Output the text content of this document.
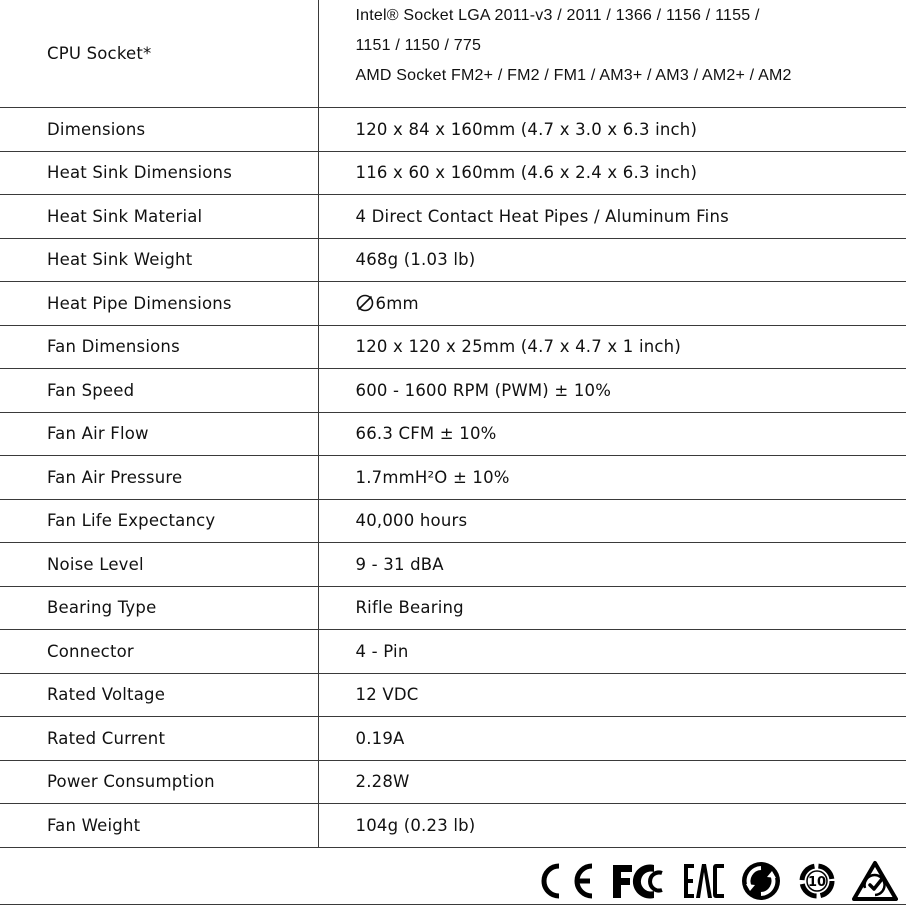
CPU Socket*	Intel® Socket LGA 2011-v3 / 2011 / 1366 / 1156 / 1155 /
1151 / 1150 / 775
AMD Socket FM2+ / FM2 / FM1 / AM3+ / AM3 / AM2+ / AM2

Dimensions	120 x 84 x 160mm (4.7 x 3.0 x 6.3 inch)
Heat Sink Dimensions	116 x 60 x 160mm (4.6 x 2.4 x 6.3 inch)
Heat Sink Material	4 Direct Contact Heat Pipes / Aluminum Fins
Heat Sink Weight	468g (1.03 lb)
Heat Pipe Dimensions	6mm
Fan Dimensions	120 x 120 x 25mm (4.7 x 4.7 x 1 inch)
Fan Speed	600 - 1600 RPM (PWM) ± 10%
Fan Air Flow	66.3 CFM ± 10%
Fan Air Pressure	1.7mmH²O ± 10%
Fan Life Expectancy	40,000 hours
Noise Level	9 - 31 dBA
Bearing Type	Rifle Bearing
Connector	4 - Pin
Rated Voltage	12 VDC
Rated Current	0.19A
Power Consumption	2.28W
Fan Weight	104g (0.23 lb)
10
